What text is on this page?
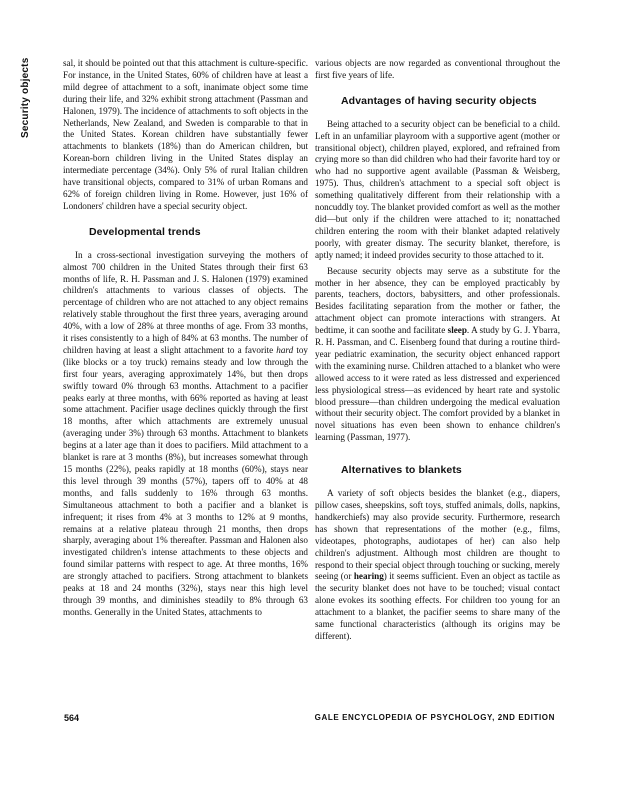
Security objects	sal, it should be pointed out that this attachment is culture-specific. For instance, in the United States, 60% of children have at least a mild degree of attachment to a soft, inanimate object some time during their life, and 32% exhibit strong attachment (Passman and Halonen, 1979). The incidence of attachments to soft objects in the Netherlands, New Zealand, and Sweden is comparable to that in the United States. Korean children have substantially fewer attachments to blankets (18%) than do American children, but Korean-born children living in the United States display an intermediate percentage (34%). Only 5% of rural Italian children have transitional objects, compared to 31% of urban Romans and 62% of foreign children living in Rome. However, just 16% of Londoners' children have a special security object.

Developmental trends

In a cross-sectional investigation surveying the mothers of almost 700 children in the United States through their first 63 months of life, R. H. Passman and J. S. Halonen (1979) examined children's attachments to various classes of objects. The percentage of children who are not attached to any object remains relatively stable throughout the first three years, averaging around 40%, with a low of 28% at three months of age. From 33 months, it rises consistently to a high of 84% at 63 months. The number of children having at least a slight attachment to a favorite hard toy (like blocks or a toy truck) remains steady and low through the first four years, averaging approximately 14%, but then drops swiftly toward 0% through 63 months. Attachment to a pacifier peaks early at three months, with 66% reported as having at least some attachment. Pacifier usage declines quickly through the first 18 months, after which attachments are extremely unusual (averaging under 3%) through 63 months. Attachment to blankets begins at a later age than it does to pacifiers. Mild attachment to a blanket is rare at 3 months (8%), but increases somewhat through 15 months (22%), peaks rapidly at 18 months (60%), stays near this level through 39 months (57%), tapers off to 40% at 48 months, and falls suddenly to 16% through 63 months. Simultaneous attachment to both a pacifier and a blanket is infrequent; it rises from 4% at 3 months to 12% at 9 months, remains at a relative plateau through 21 months, then drops sharply, averaging about 1% thereafter. Passman and Halonen also investigated children's intense attachments to these objects and found similar patterns with respect to age. At three months, 16% are strongly attached to pacifiers. Strong attachment to blankets peaks at 18 and 24 months (32%), stays near this high level through 39 months, and diminishes steadily to 8% through 63 months. Generally in the United States, attachments to

various objects are now regarded as conventional throughout the first five years of life.

Advantages of having security objects

Being attached to a security object can be beneficial to a child. Left in an unfamiliar playroom with a supportive agent (mother or transitional object), children played, explored, and refrained from crying more so than did children who had their favorite hard toy or who had no supportive agent available (Passman & Weisberg, 1975). Thus, children's attachment to a special soft object is something qualitatively different from their relationship with a noncuddly toy. The blanket provided comfort as well as the mother did—but only if the children were attached to it; nonattached children entering the room with their blanket adapted relatively poorly, with greater dismay. The security blanket, therefore, is aptly named; it indeed provides security to those attached to it.

Because security objects may serve as a substitute for the mother in her absence, they can be employed practicably by parents, teachers, doctors, babysitters, and other professionals. Besides facilitating separation from the mother or father, the attachment object can promote interactions with strangers. At bedtime, it can soothe and facilitate sleep. A study by G. J. Ybarra, R. H. Passman, and C. Eisenberg found that during a routine third-year pediatric examination, the security object enhanced rapport with the examining nurse. Children attached to a blanket who were allowed access to it were rated as less distressed and experienced less physiological stress—as evidenced by heart rate and systolic blood pressure—than children undergoing the medical evaluation without their security object. The comfort provided by a blanket in novel situations has even been shown to enhance children's learning (Passman, 1977).

Alternatives to blankets

A variety of soft objects besides the blanket (e.g., diapers, pillow cases, sheepskins, soft toys, stuffed animals, dolls, napkins, handkerchiefs) may also provide security. Furthermore, research has shown that representations of the mother (e.g., films, videotapes, photographs, audiotapes of her) can also help children's adjustment. Although most children are thought to respond to their special object through touching or sucking, merely seeing (or hearing) it seems sufficient. Even an object as tactile as the security blanket does not have to be touched; visual contact alone evokes its soothing effects. For children too young for an attachment to a blanket, the pacifier seems to share many of the same functional characteristics (although its origins may be different).

564	GALE ENCYCLOPEDIA OF PSYCHOLOGY, 2ND EDITION
